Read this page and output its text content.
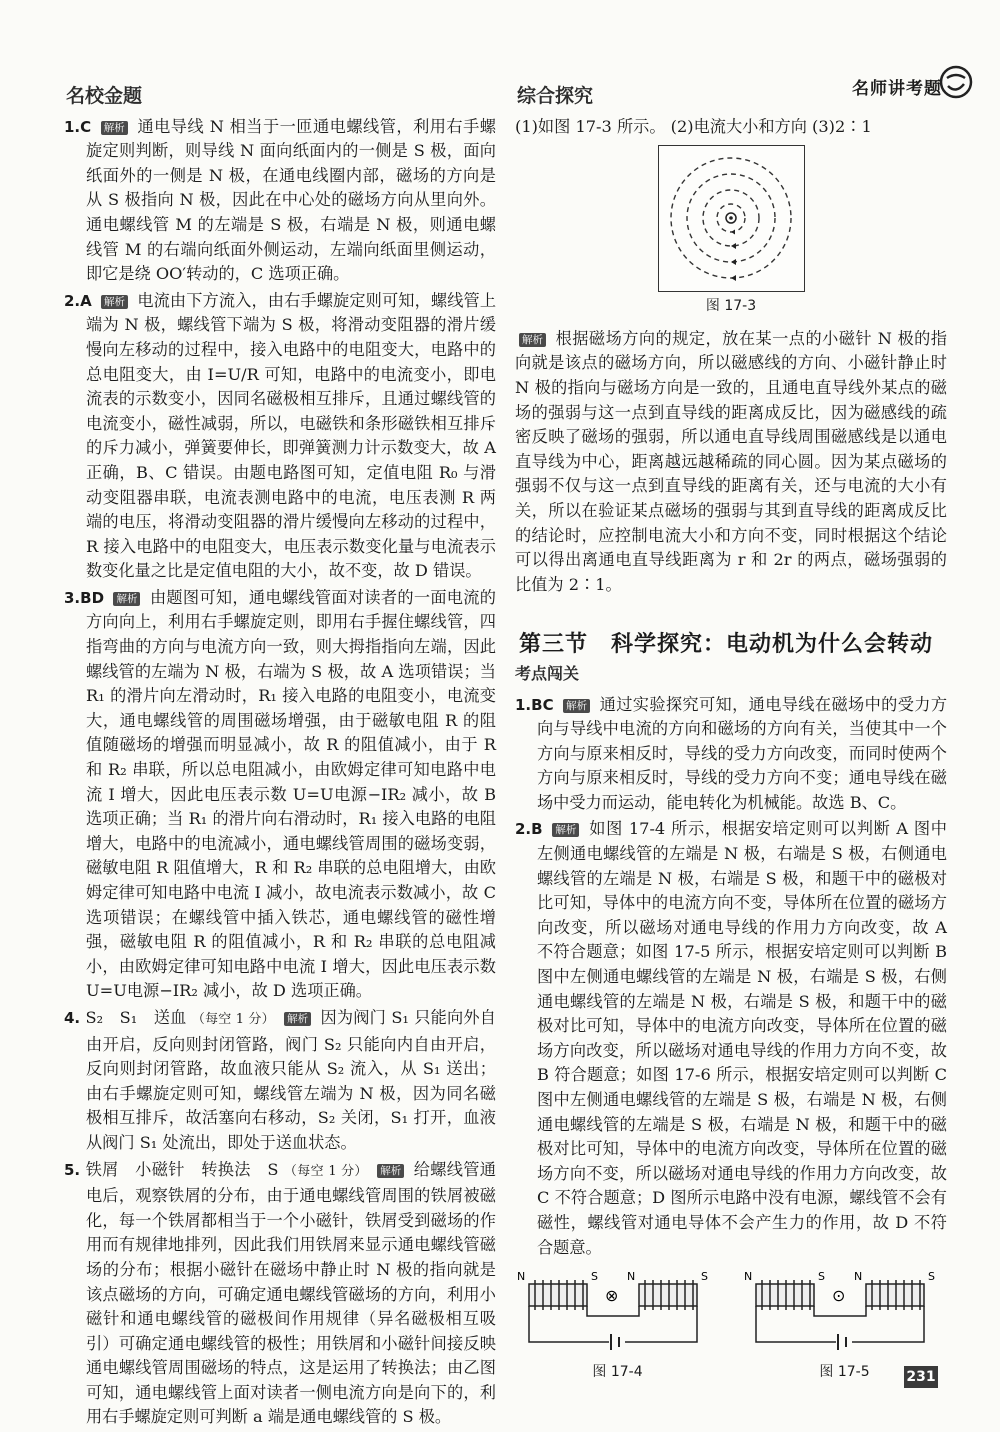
名师讲考题
名校金题
1.C 解析 通电导线 N 相当于一匝通电螺线管，利用右手螺旋定则判断，则导线 N 面向纸面内的一侧是 S 极，面向纸面外的一侧是 N 极，在通电线圈内部，磁场的方向是从 S 极指向 N 极，因此在中心处的磁场方向从里向外。通电螺线管 M 的左端是 S 极，右端是 N 极，则通电螺线管 M 的右端向纸面外侧运动，左端向纸面里侧运动，即它是绕 OO′转动的，C 选项正确。
2.A 解析 电流由下方流入，由右手螺旋定则可知，螺线管上端为 N 极，螺线管下端为 S 极，将滑动变阻器的滑片缓慢向左移动的过程中，接入电路中的电阻变大，电路中的总电阻变大，由 I=U/R 可知，电路中的电流变小，即电流表的示数变小，因同名磁极相互排斥，且通过螺线管的电流变小，磁性减弱，所以，电磁铁和条形磁铁相互排斥的斥力减小，弹簧要伸长，即弹簧测力计示数变大，故 A 正确，B、C 错误。由题电路图可知，定值电阻 R₀ 与滑动变阻器串联，电流表测电路中的电流，电压表测 R 两端的电压，将滑动变阻器的滑片缓慢向左移动的过程中，R 接入电路中的电阻变大，电压表示数变化量与电流表示数变化量之比是定值电阻的大小，故不变，故 D 错误。
3.BD 解析 由题图可知，通电螺线管面对读者的一面电流的方向向上，利用右手螺旋定则，即用右手握住螺线管，四指弯曲的方向与电流方向一致，则大拇指指向左端，因此螺线管的左端为 N 极，右端为 S 极，故 A 选项错误；当 R₁ 的滑片向左滑动时，R₁ 接入电路的电阻变小，电流变大，通电螺线管的周围磁场增强，由于磁敏电阻 R 的阻值随磁场的增强而明显减小，故 R 的阻值减小，由于 R 和 R₂ 串联，所以总电阻减小，由欧姆定律可知电路中电流 I 增大，因此电压表示数 U=U电源−IR₂ 减小，故 B 选项正确；当 R₁ 的滑片向右滑动时，R₁ 接入电路的电阻增大，电路中的电流减小，通电螺线管周围的磁场变弱，磁敏电阻 R 阻值增大，R 和 R₂ 串联的总电阻增大，由欧姆定律可知电路中电流 I 减小，故电流表示数减小，故 C 选项错误；在螺线管中插入铁芯，通电螺线管的磁性增强，磁敏电阻 R 的阻值减小，R 和 R₂ 串联的总电阻减小，由欧姆定律可知电路中电流 I 增大，因此电压表示数 U=U电源−IR₂ 减小，故 D 选项正确。
4. S₂　S₁　送血 （每空 1 分） 解析 因为阀门 S₁ 只能向外自由开启，反向则封闭管路，阀门 S₂ 只能向内自由开启，反向则封闭管路，故血液只能从 S₂ 流入，从 S₁ 送出；由右手螺旋定则可知，螺线管左端为 N 极，因为同名磁极相互排斥，故活塞向右移动，S₂ 关闭，S₁ 打开，血液从阀门 S₁ 处流出，即处于送血状态。
5. 铁屑　小磁针　转换法　S （每空 1 分） 解析 给螺线管通电后，观察铁屑的分布，由于通电螺线管周围的铁屑被磁化，每一个铁屑都相当于一个小磁针，铁屑受到磁场的作用而有规律地排列，因此我们用铁屑来显示通电螺线管磁场的分布；根据小磁针在磁场中静止时 N 极的指向就是该点磁场的方向，可确定通电螺线管磁场的方向，利用小磁针和通电螺线管的磁极间作用规律（异名磁极相互吸引）可确定通电螺线管的极性；用铁屑和小磁针间接反映通电螺线管周围磁场的特点，这是运用了转换法；由乙图可知，通电螺线管上面对读者一侧电流方向是向下的，利用右手螺旋定则可判断 a 端是通电螺线管的 S 极。
综合探究
(1)如图 17-3 所示。 (2)电流大小和方向 (3)2∶1
图 17-3
解析 根据磁场方向的规定，放在某一点的小磁针 N 极的指向就是该点的磁场方向，所以磁感线的方向、小磁针静止时 N 极的指向与磁场方向是一致的，且通电直导线外某点的磁场的强弱与这一点到直导线的距离成反比，因为磁感线的疏密反映了磁场的强弱，所以通电直导线周围磁感线是以通电直导线为中心，距离越远越稀疏的同心圆。因为某点磁场的强弱不仅与这一点到直导线的距离有关，还与电流的大小有关，所以在验证某点磁场的强弱与其到直导线的距离成反比的结论时，应控制电流大小和方向不变，同时根据这个结论可以得出离通电直导线距离为 r 和 2r 的两点，磁场强弱的比值为 2∶1。
第三节　科学探究：电动机为什么会转动
考点闯关
1.BC 解析 通过实验探究可知，通电导线在磁场中的受力方向与导线中电流的方向和磁场的方向有关，当使其中一个方向与原来相反时，导线的受力方向改变，而同时使两个方向与原来相反时，导线的受力方向不变；通电导线在磁场中受力而运动，能电转化为机械能。故选 B、C。
2.B 解析 如图 17-4 所示，根据安培定则可以判断 A 图中左侧通电螺线管的左端是 N 极，右端是 S 极，右侧通电螺线管的左端是 N 极，右端是 S 极，和题干中的磁极对比可知，导体中的电流方向不变，导体所在位置的磁场方向改变，所以磁场对通电导线的作用力方向改变，故 A 不符合题意；如图 17-5 所示，根据安培定则可以判断 B 图中左侧通电螺线管的左端是 N 极，右端是 S 极，右侧通电螺线管的左端是 N 极，右端是 S 极，和题干中的磁极对比可知，导体中的电流方向改变，导体所在位置的磁场方向改变，所以磁场对通电导线的作用力方向不变，故 B 符合题意；如图 17-6 所示，根据安培定则可以判断 C 图中左侧通电螺线管的左端是 S 极，右端是 N 极，右侧通电螺线管的左端是 S 极，右端是 N 极，和题干中的磁极对比可知，导体中的电流方向改变，导体所在位置的磁场方向不变，所以磁场对通电导线的作用力方向改变，故 C 不符合题意；D 图所示电路中没有电源，螺线管不会有磁性，螺线管对通电导体不会产生力的作用，故 D 不符合题意。
N	S	N	S
⊗
图 17-4
N	S	N	S
⊙
图 17-5	231
